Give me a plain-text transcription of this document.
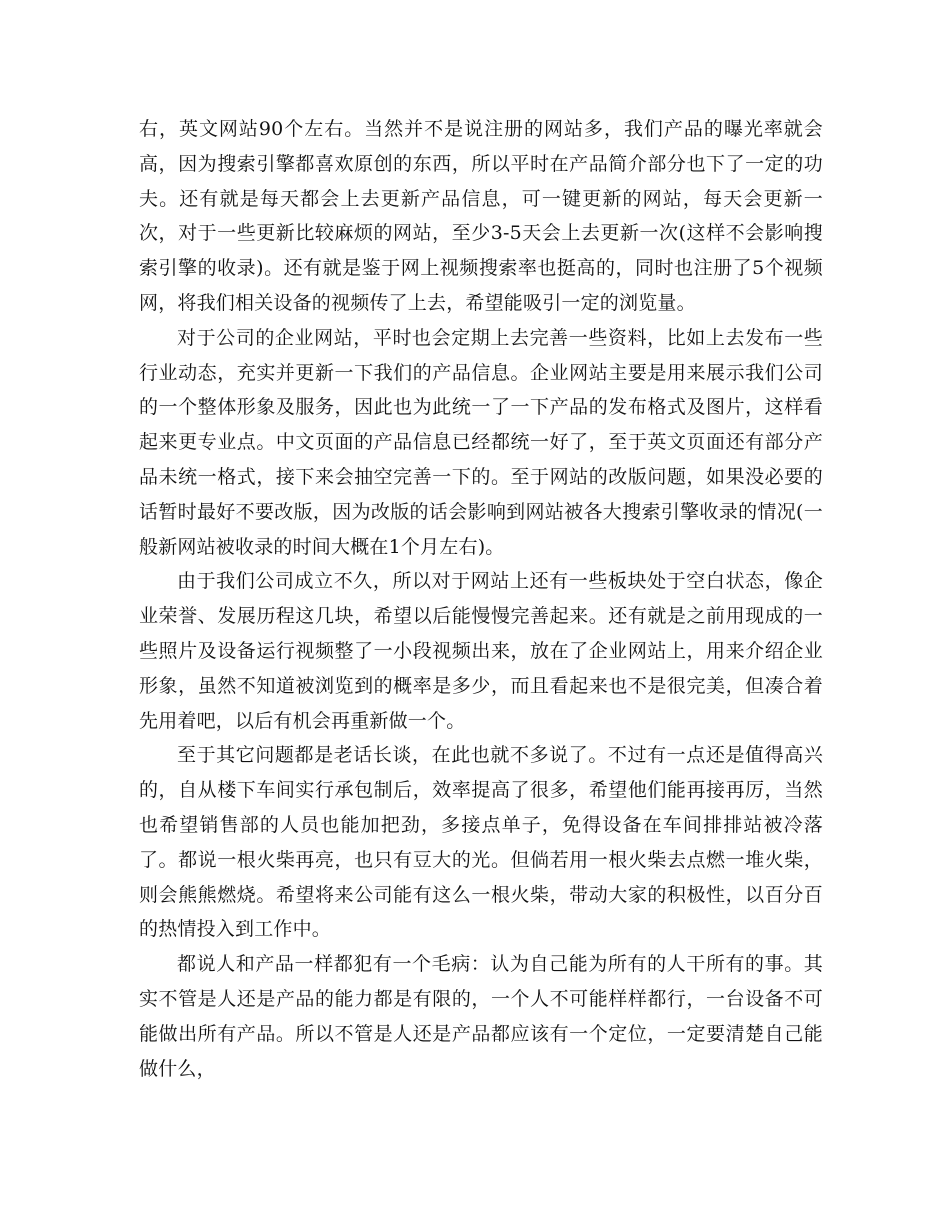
右，英文网站90个左右。当然并不是说注册的网站多，我们产品的曝光率就会高，因为搜索引擎都喜欢原创的东西，所以平时在产品简介部分也下了一定的功夫。还有就是每天都会上去更新产品信息，可一键更新的网站，每天会更新一次，对于一些更新比较麻烦的网站，至少3-5天会上去更新一次(这样不会影响搜索引擎的收录)。还有就是鉴于网上视频搜索率也挺高的，同时也注册了5个视频网，将我们相关设备的视频传了上去，希望能吸引一定的浏览量。

对于公司的企业网站，平时也会定期上去完善一些资料，比如上去发布一些行业动态，充实并更新一下我们的产品信息。企业网站主要是用来展示我们公司的一个整体形象及服务，因此也为此统一了一下产品的发布格式及图片，这样看起来更专业点。中文页面的产品信息已经都统一好了，至于英文页面还有部分产品未统一格式，接下来会抽空完善一下的。至于网站的改版问题，如果没必要的话暂时最好不要改版，因为改版的话会影响到网站被各大搜索引擎收录的情况(一般新网站被收录的时间大概在1个月左右)。

由于我们公司成立不久，所以对于网站上还有一些板块处于空白状态，像企业荣誉、发展历程这几块，希望以后能慢慢完善起来。还有就是之前用现成的一些照片及设备运行视频整了一小段视频出来，放在了企业网站上，用来介绍企业形象，虽然不知道被浏览到的概率是多少，而且看起来也不是很完美，但凑合着先用着吧，以后有机会再重新做一个。

至于其它问题都是老话长谈，在此也就不多说了。不过有一点还是值得高兴的，自从楼下车间实行承包制后，效率提高了很多，希望他们能再接再厉，当然也希望销售部的人员也能加把劲，多接点单子，免得设备在车间排排站被冷落了。都说一根火柴再亮，也只有豆大的光。但倘若用一根火柴去点燃一堆火柴，则会熊熊燃烧。希望将来公司能有这么一根火柴，带动大家的积极性，以百分百的热情投入到工作中。

都说人和产品一样都犯有一个毛病：认为自己能为所有的人干所有的事。其实不管是人还是产品的能力都是有限的，一个人不可能样样都行，一台设备不可能做出所有产品。所以不管是人还是产品都应该有一个定位，一定要清楚自己能做什么，
